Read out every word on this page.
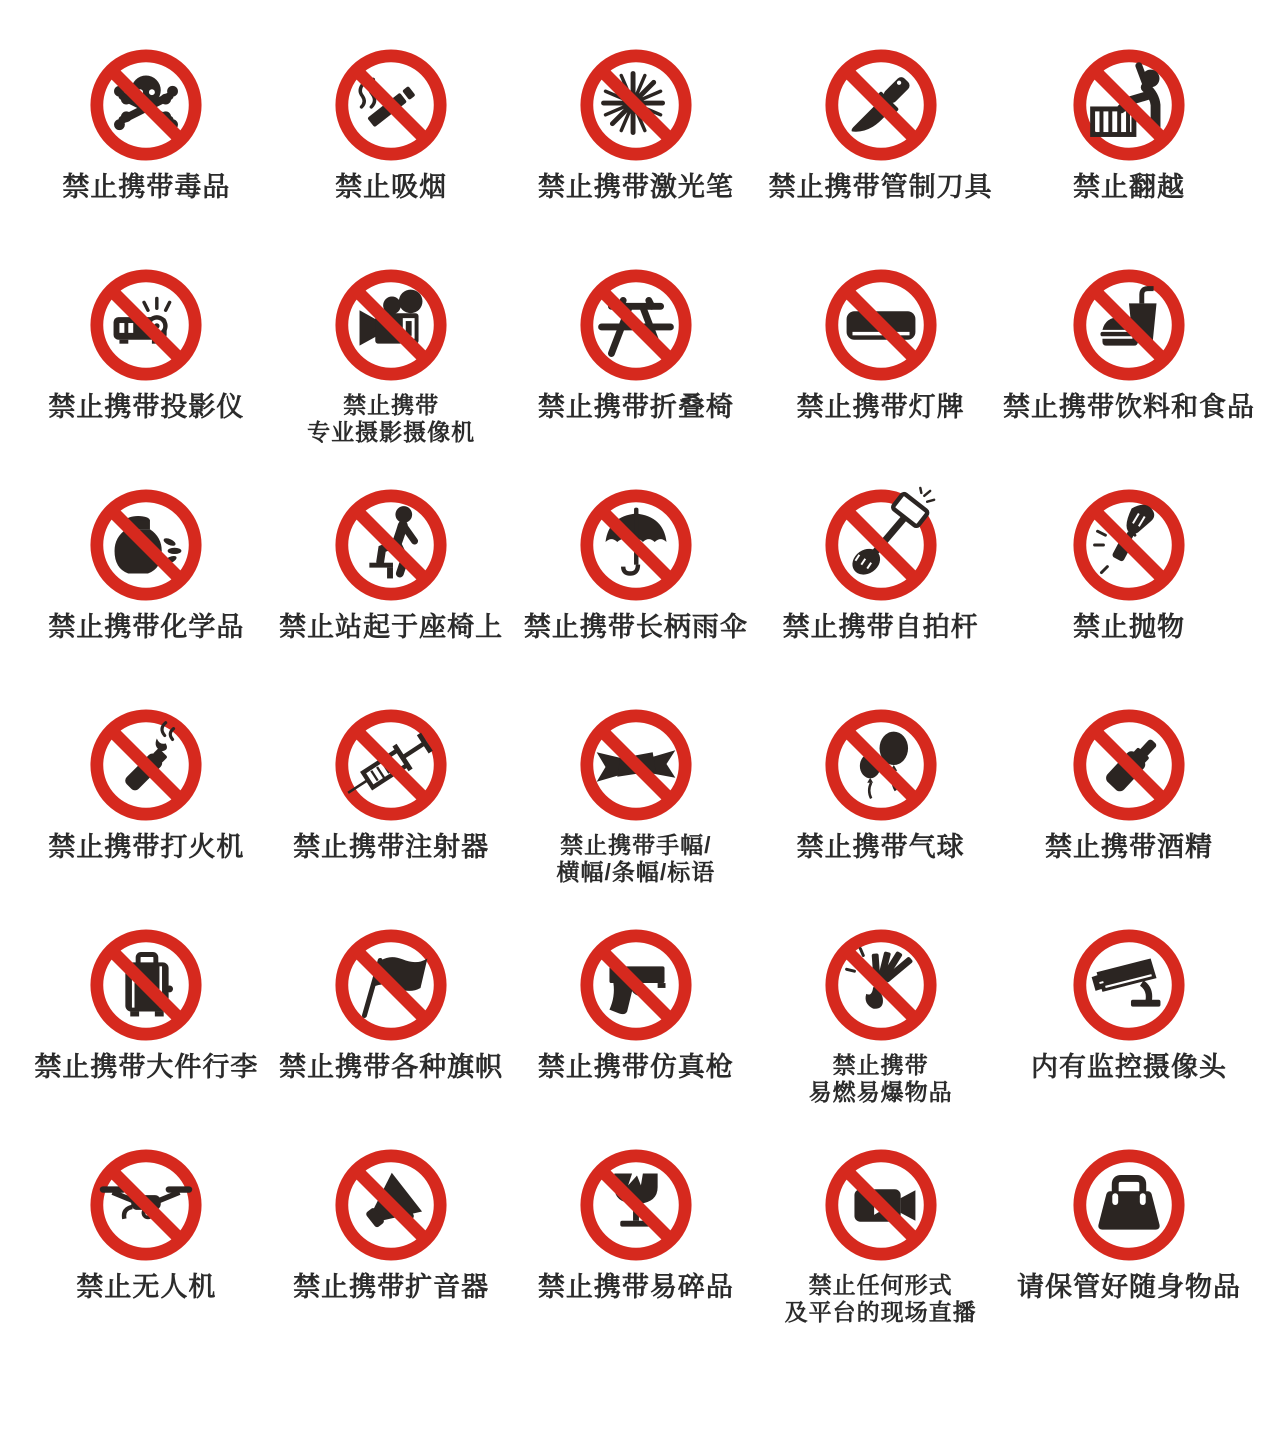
禁止携带毒品	禁止吸烟	禁止携带激光笔 禁止携带管制刀具	禁止翻越
禁止携带投影仪	禁止携带
专业摄影摄像机
禁止携带折叠椅 禁止携带灯牌 禁止携带饮料和食品
禁止携带化学品 禁止站起于座椅上 禁止携带长柄雨伞 禁止携带自拍杆	禁止抛物
禁止携带打火机 禁止携带注射器	禁止携带手幅/
横幅/条幅/标语
禁止携带气球	禁止携带酒精
禁止携带大件行李 禁止携带各种旗帜 禁止携带仿真枪	禁止携带
易燃易爆物品
内有监控摄像头
禁止无人机	禁止携带扩音器 禁止携带易碎品	禁止任何形式
及平台的现场直播
请保管好随身物品
